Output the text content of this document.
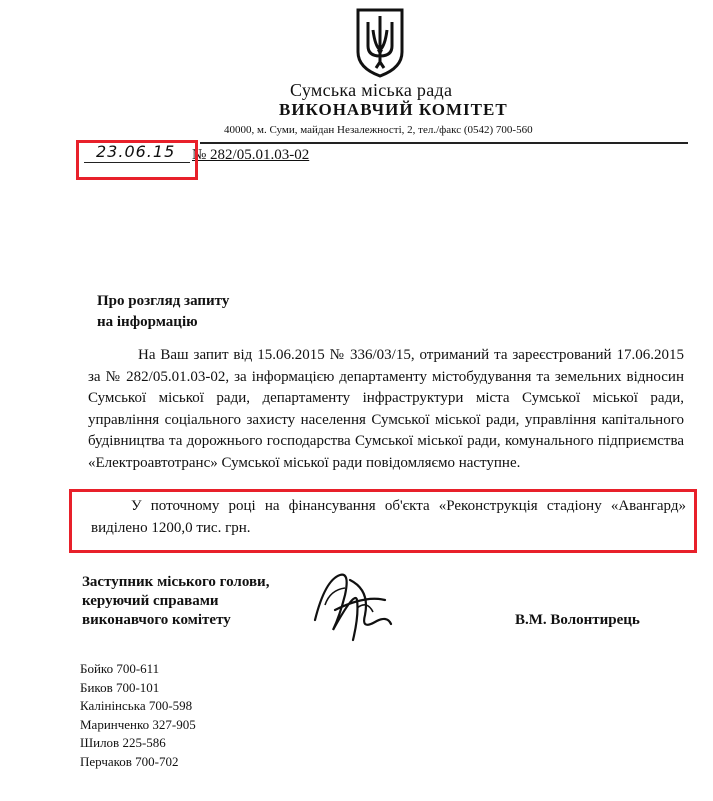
Сумська міська рада
ВИКОНАВЧИЙ КОМІТЕТ
40000, м. Суми, майдан Незалежності, 2, тел./факс (0542) 700-560
23.06.15 № 282/05.01.03-02
Про розгляд запиту
на інформацію
На Ваш запит від 15.06.2015 № 336/03/15, отриманий та зареєстрований 17.06.2015 за № 282/05.01.03-02, за інформацією департаменту містобудування та земельних відносин Сумської міської ради, департаменту інфраструктури міста Сумської міської ради, управління соціального захисту населення Сумської міської ради, управління капітального будівництва та дорожнього господарства Сумської міської ради, комунального підприємства «Електроавтотранс» Сумської міської ради повідомляємо наступне.
У поточному році на фінансування об'єкта «Реконструкція стадіону «Авангард» виділено 1200,0 тис. грн.
Заступник міського голови,
керуючий справами
виконавчого комітету	В.М. Волонтирець
Бойко 700-611
Биков 700-101
Калінінська 700-598
Маринченко 327-905
Шилов 225-586
Перчаков 700-702
